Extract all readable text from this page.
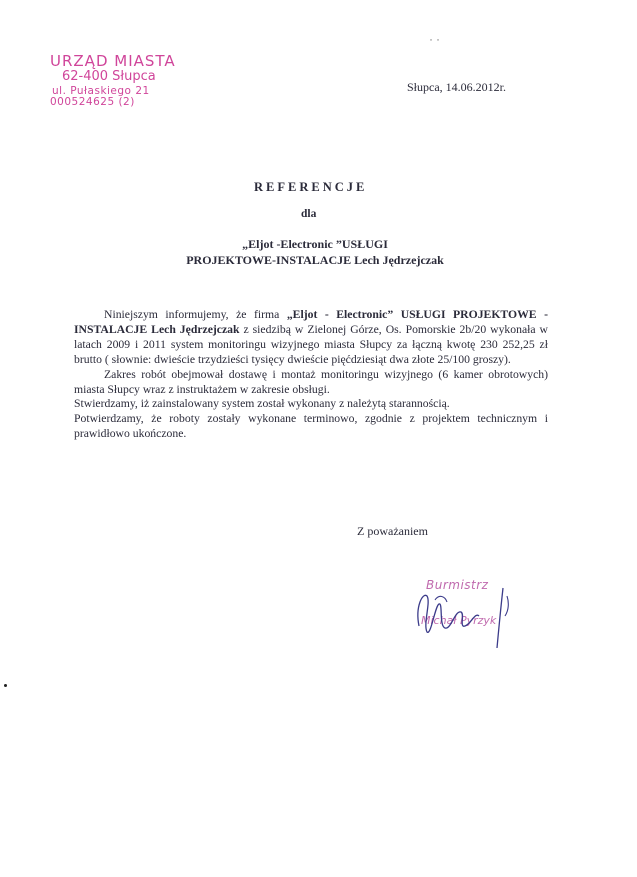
URZĄD MIASTA
62-400 Słupca
ul. Pułaskiego 21
000524625 (2)
˙ ˙
Słupca, 14.06.2012r.
REFERENCJE
dla
„Eljot -Electronic ”USŁUGI
PROJEKTOWE-INSTALACJE Lech Jędrzejczak

Niniejszym informujemy, że firma „Eljot - Electronic” USŁUGI PROJEKTOWE - INSTALACJE Lech Jędrzejczak z siedzibą w Zielonej Górze, Os. Pomorskie 2b/20 wykonała w latach 2009 i 2011 system monitoringu wizyjnego miasta Słupcy za łączną kwotę 230 252,25 zł brutto ( słownie: dwieście trzydzieści tysięcy dwieście pięćdziesiąt dwa złote 25/100 groszy).

Zakres robót obejmował dostawę i montaż monitoringu wizyjnego (6 kamer obrotowych) miasta Słupcy wraz z instruktażem w zakresie obsługi.

Stwierdzamy, iż zainstalowany system został wykonany z należytą starannością.

Potwierdzamy, że roboty zostały wykonane terminowo, zgodnie z projektem technicznym i prawidłowo ukończone.

Z poważaniem
Burmistrz
Michał Pyrzyk
